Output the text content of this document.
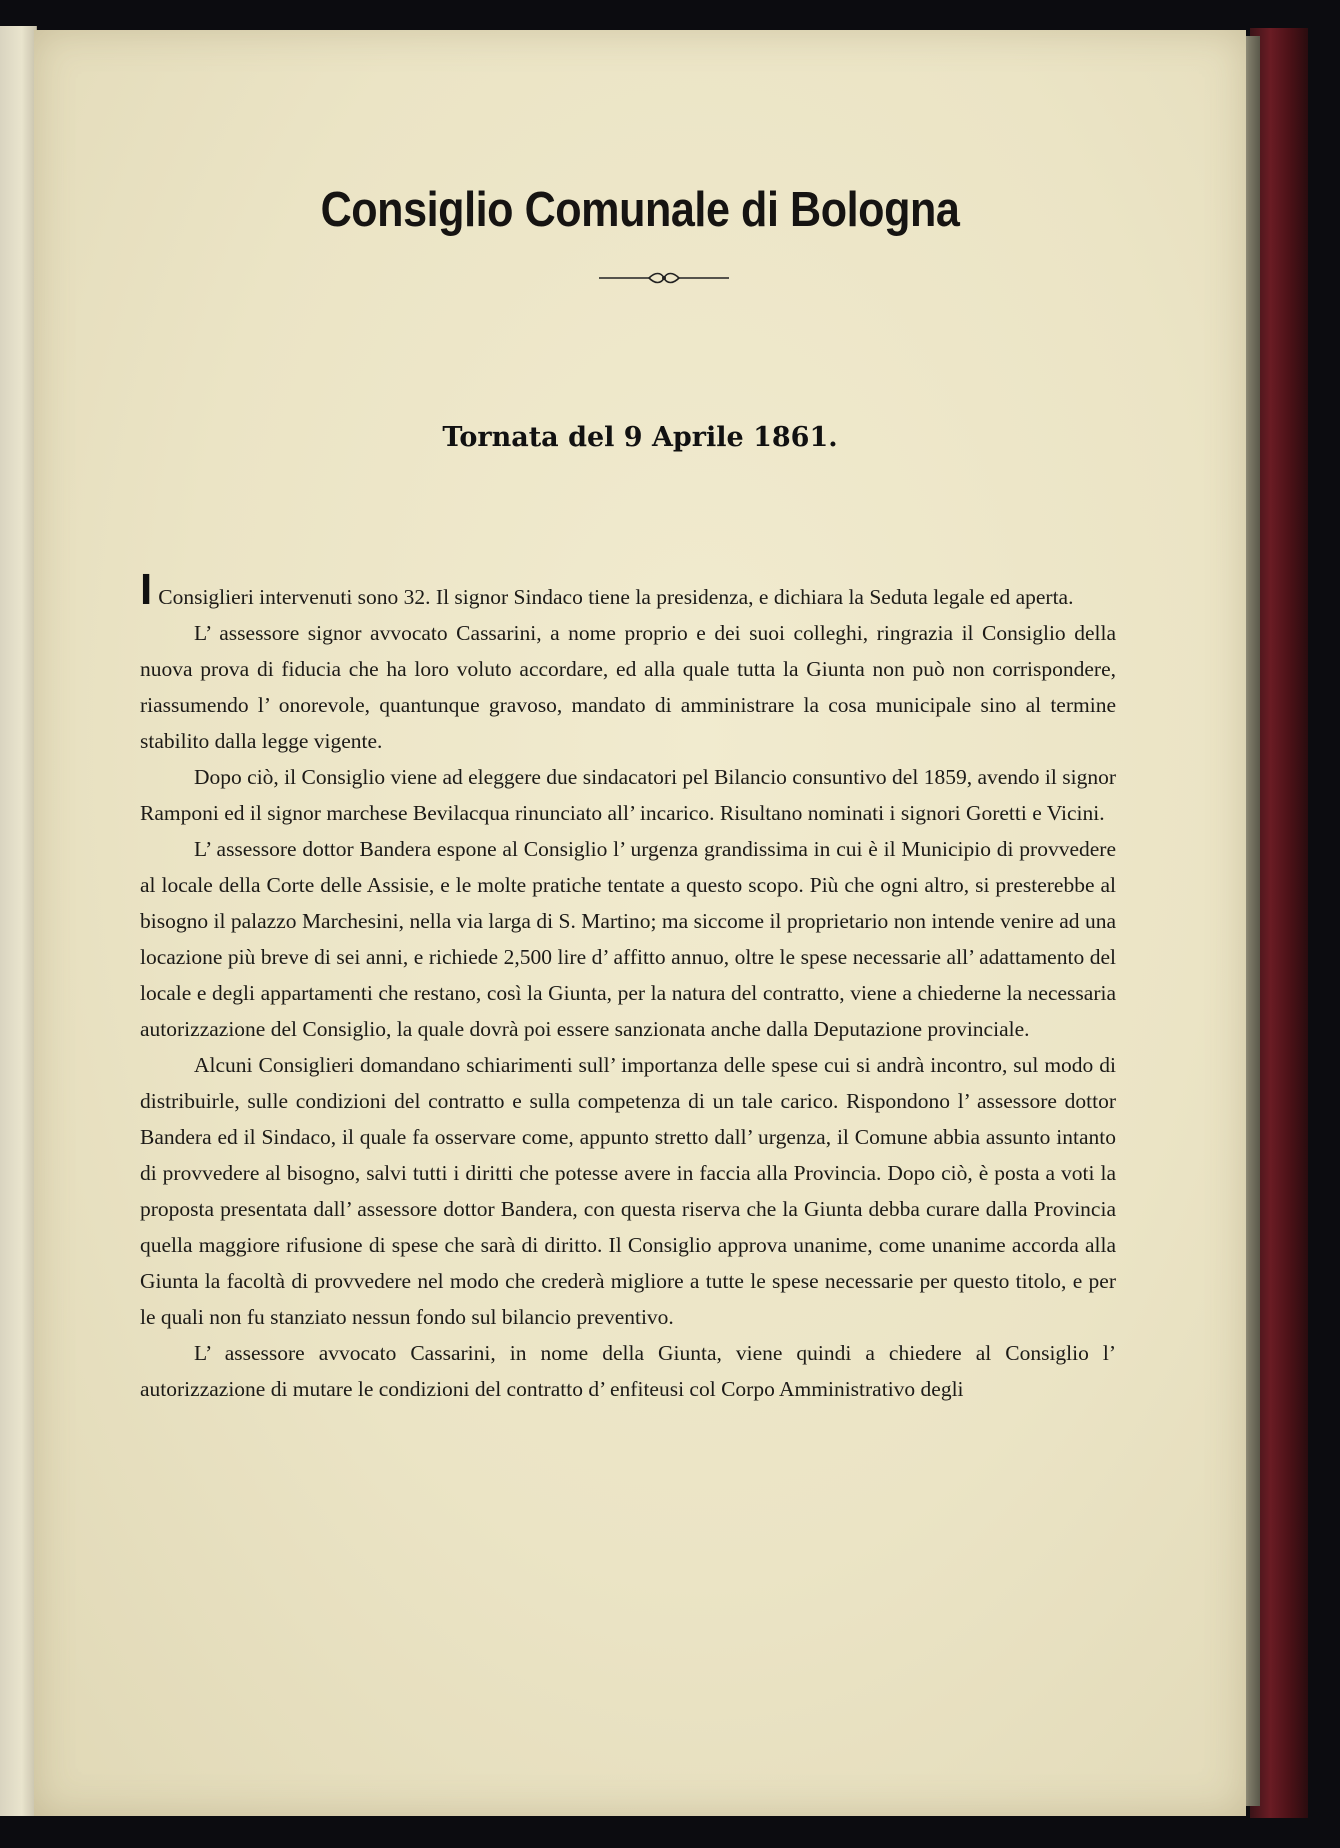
Consiglio Comunale di Bologna
Tornata del 9 Aprile 1861.

I Consiglieri intervenuti sono 32. Il signor Sindaco tiene la presidenza, e dichiara la Seduta legale ed aperta.

L’ assessore signor avvocato Cassarini, a nome proprio e dei suoi colleghi, ringrazia il Consiglio della nuova prova di fiducia che ha loro voluto accordare, ed alla quale tutta la Giunta non può non corrispondere, riassumendo l’ onorevole, quantunque gravoso, mandato di amministrare la cosa municipale sino al termine stabilito dalla legge vigente.

Dopo ciò, il Consiglio viene ad eleggere due sindacatori pel Bilancio consuntivo del 1859, avendo il signor Ramponi ed il signor marchese Bevilacqua rinunciato all’ incarico. Risultano nominati i signori Goretti e Vicini.

L’ assessore dottor Bandera espone al Consiglio l’ urgenza grandissima in cui è il Municipio di provvedere al locale della Corte delle Assisie, e le molte pratiche tentate a questo scopo. Più che ogni altro, si presterebbe al bisogno il palazzo Marchesini, nella via larga di S. Martino; ma siccome il proprietario non intende venire ad una locazione più breve di sei anni, e richiede 2,500 lire d’ affitto annuo, oltre le spese necessarie all’ adattamento del locale e degli appartamenti che restano, così la Giunta, per la natura del contratto, viene a chiederne la necessaria autorizzazione del Consiglio, la quale dovrà poi essere sanzionata anche dalla Deputazione provinciale.

Alcuni Consiglieri domandano schiarimenti sull’ importanza delle spese cui si andrà incontro, sul modo di distribuirle, sulle condizioni del contratto e sulla competenza di un tale carico. Rispondono l’ assessore dottor Bandera ed il Sindaco, il quale fa osservare come, appunto stretto dall’ urgenza, il Comune abbia assunto intanto di provvedere al bisogno, salvi tutti i diritti che potesse avere in faccia alla Provincia. Dopo ciò, è posta a voti la proposta presentata dall’ assessore dottor Bandera, con questa riserva che la Giunta debba curare dalla Provincia quella maggiore rifusione di spese che sarà di diritto. Il Consiglio approva unanime, come unanime accorda alla Giunta la facoltà di provvedere nel modo che crederà migliore a tutte le spese necessarie per questo titolo, e per le quali non fu stanziato nessun fondo sul bilancio preventivo.

L’ assessore avvocato Cassarini, in nome della Giunta, viene quindi a chiedere al Consiglio l’ autorizzazione di mutare le condizioni del contratto d’ enfiteusi col Corpo Amministrativo degli
